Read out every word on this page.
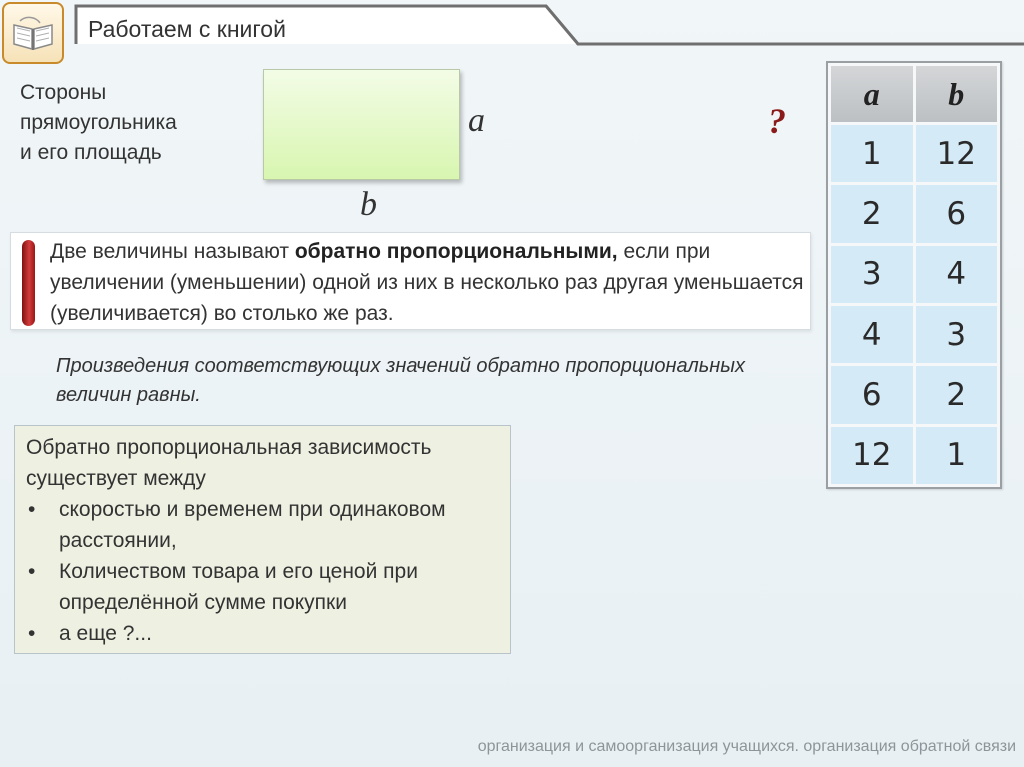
Работаем с книгой
Стороны
прямоугольника
и его площадь
a
b
?
Две величины называют обратно пропорциональными, если при увеличении (уменьшении) одной из них в несколько раз другая уменьшается (увеличивается) во столько же раз.
Произведения соответствующих значений обратно пропорциональных величин равны.
Обратно пропорциональная зависимость существует между
• скоростью и временем при одинаковом расстоянии,
• Количеством товара и его ценой при определённой сумме покупки
• а еще ?...
a	b
1	12
2	6
3	4
4	3
6	2
12	1
организация и самоорганизация учащихся. организация обратной связи
